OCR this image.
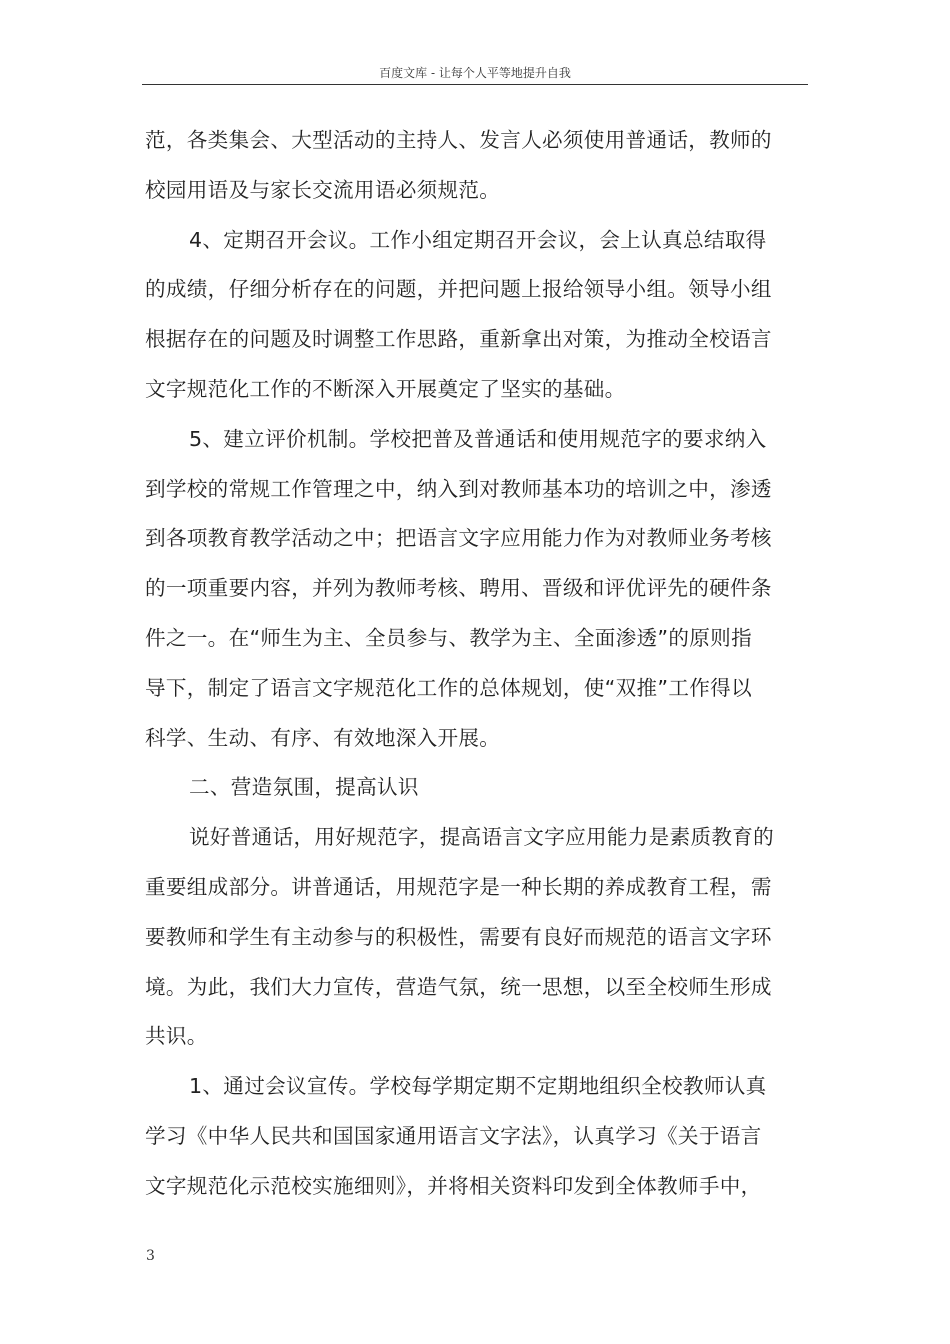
百度文库 - 让每个人平等地提升自我
范，各类集会、大型活动的主持人、发言人必须使用普通话，教师的
校园用语及与家长交流用语必须规范。
4、定期召开会议。工作小组定期召开会议，会上认真总结取得
的成绩，仔细分析存在的问题，并把问题上报给领导小组。领导小组
根据存在的问题及时调整工作思路，重新拿出对策，为推动全校语言
文字规范化工作的不断深入开展奠定了坚实的基础。
5、建立评价机制。学校把普及普通话和使用规范字的要求纳入
到学校的常规工作管理之中，纳入到对教师基本功的培训之中，渗透
到各项教育教学活动之中；把语言文字应用能力作为对教师业务考核
的一项重要内容，并列为教师考核、聘用、晋级和评优评先的硬件条
件之一。在“师生为主、全员参与、教学为主、全面渗透”的原则指
导下，制定了语言文字规范化工作的总体规划，使“双推”工作得以
科学、生动、有序、有效地深入开展。
二、营造氛围，提高认识
说好普通话，用好规范字，提高语言文字应用能力是素质教育的
重要组成部分。讲普通话，用规范字是一种长期的养成教育工程，需
要教师和学生有主动参与的积极性，需要有良好而规范的语言文字环
境。为此，我们大力宣传，营造气氛，统一思想，以至全校师生形成
共识。
1、通过会议宣传。学校每学期定期不定期地组织全校教师认真
学习《中华人民共和国国家通用语言文字法》，认真学习《关于语言
文字规范化示范校实施细则》，并将相关资料印发到全体教师手中，
3
